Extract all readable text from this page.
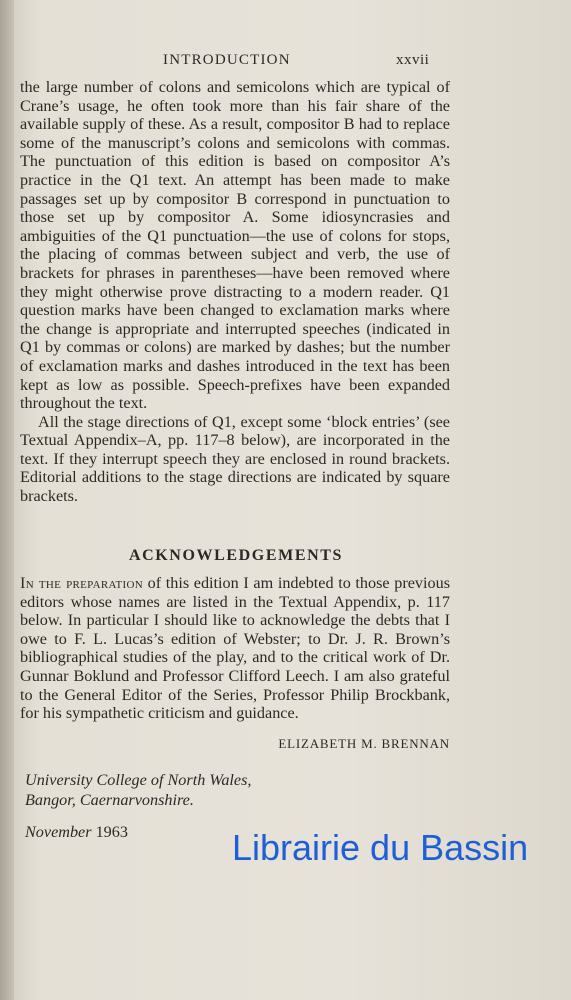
INTRODUCTION	xxvii

the large number of colons and semicolons which are typical of Crane’s usage, he often took more than his fair share of the available supply of these. As a result, compositor B had to replace some of the manuscript’s colons and semicolons with commas. The punctuation of this edition is based on compositor A’s practice in the Q1 text. An attempt has been made to make passages set up by compositor B correspond in punctuation to those set up by compositor A. Some idiosyncrasies and ambiguities of the Q1 punctuation—the use of colons for stops, the placing of commas between subject and verb, the use of brackets for phrases in parentheses—have been removed where they might otherwise prove distracting to a modern reader. Q1 question marks have been changed to exclamation marks where the change is appropriate and interrupted speeches (indicated in Q1 by commas or colons) are marked by dashes; but the number of exclamation marks and dashes introduced in the text has been kept as low as possible. Speech-prefixes have been expanded throughout the text.

All the stage directions of Q1, except some ‘block entries’ (see Textual Appendix–A, pp. 117–8 below), are incorporated in the text. If they interrupt speech they are enclosed in round brackets. Editorial additions to the stage directions are indicated by square brackets.

ACKNOWLEDGEMENTS

In the preparation of this edition I am indebted to those previous editors whose names are listed in the Textual Appendix, p. 117 below. In particular I should like to acknowledge the debts that I owe to F. L. Lucas’s edition of Webster; to Dr. J. R. Brown’s bibliographical studies of the play, and to the critical work of Dr. Gunnar Boklund and Professor Clifford Leech. I am also grateful to the General Editor of the Series, Professor Philip Brockbank, for his sympathetic criticism and guidance.

ELIZABETH M. BRENNAN
University College of North Wales,
Bangor, Caernarvonshire.
November 1963	Librairie du Bassin
